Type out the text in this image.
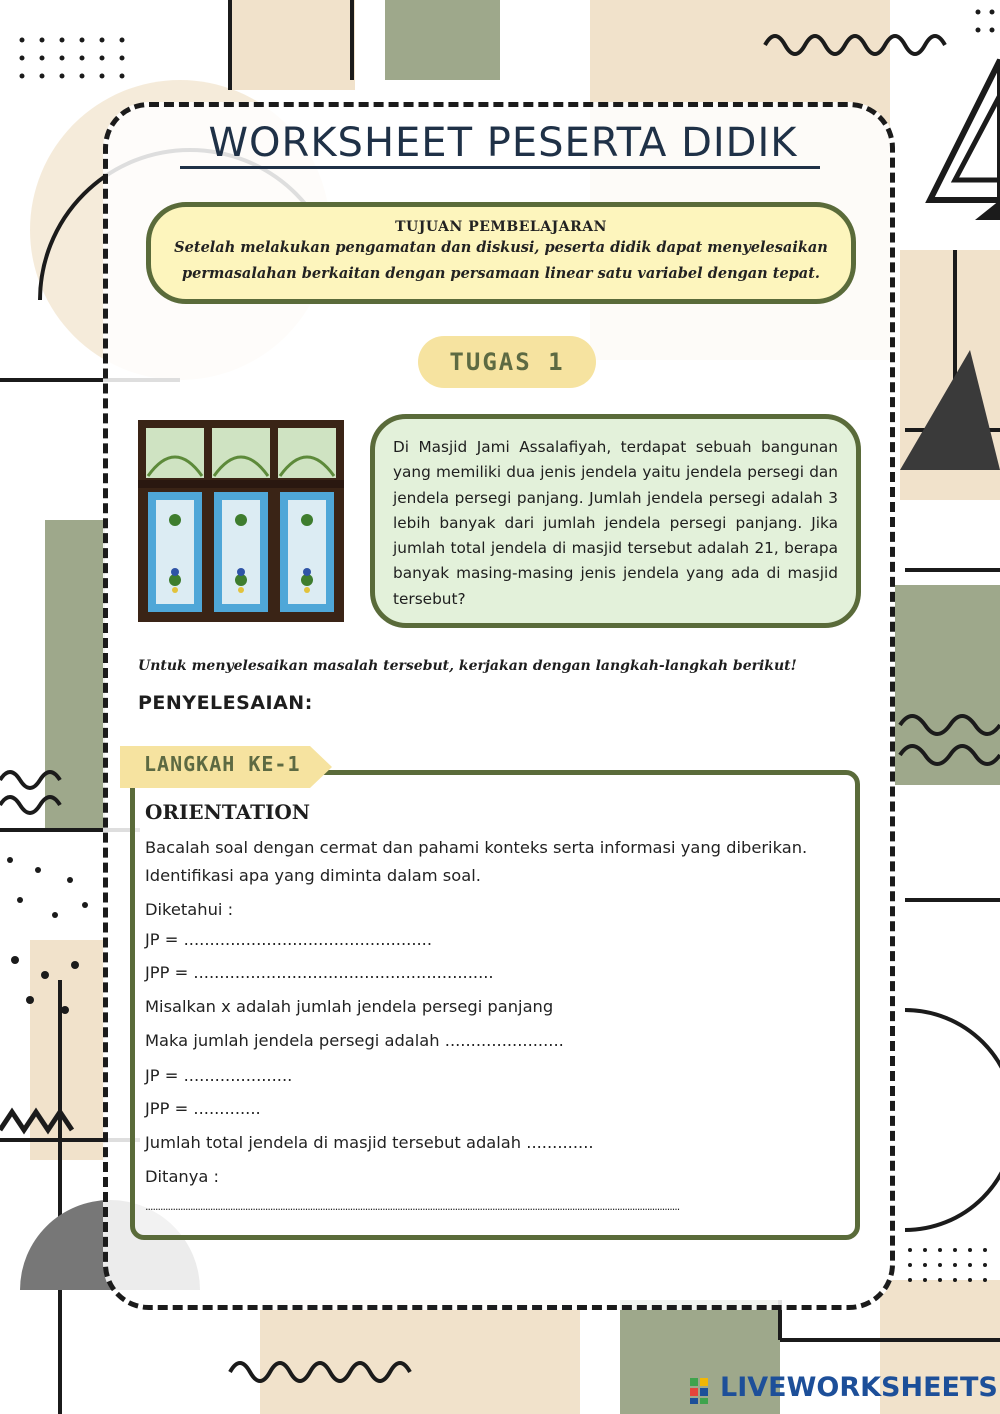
WORKSHEET PESERTA DIDIK
TUJUAN PEMBELAJARAN
Setelah melakukan pengamatan dan diskusi, peserta didik dapat menyelesaikan permasalahan berkaitan dengan persamaan linear satu variabel dengan tepat.
TUGAS 1
Di Masjid Jami Assalafiyah, terdapat sebuah bangunan yang memiliki dua jenis jendela yaitu jendela persegi dan jendela persegi panjang. Jumlah jendela persegi adalah 3 lebih banyak dari jumlah jendela persegi panjang. Jika jumlah total jendela di masjid tersebut adalah 21, berapa banyak masing-masing jenis jendela yang ada di masjid tersebut?
Untuk menyelesaikan masalah tersebut, kerjakan dengan langkah-langkah berikut!
PENYELESAIAN:
LANGKAH KE-1
ORIENTATION
Bacalah soal dengan cermat dan pahami konteks serta informasi yang diberikan.
Identifikasi apa yang diminta dalam soal.
Diketahui :
JP = ................................................
JPP = ..........................................................
Misalkan x adalah jumlah jendela persegi panjang
Maka jumlah jendela persegi adalah .......................
JP = .....................
JPP = .............
Jumlah total jendela di masjid tersebut adalah .............
Ditanya :
......................................................................................................................................................................................................................
LIVEWORKSHEETS
